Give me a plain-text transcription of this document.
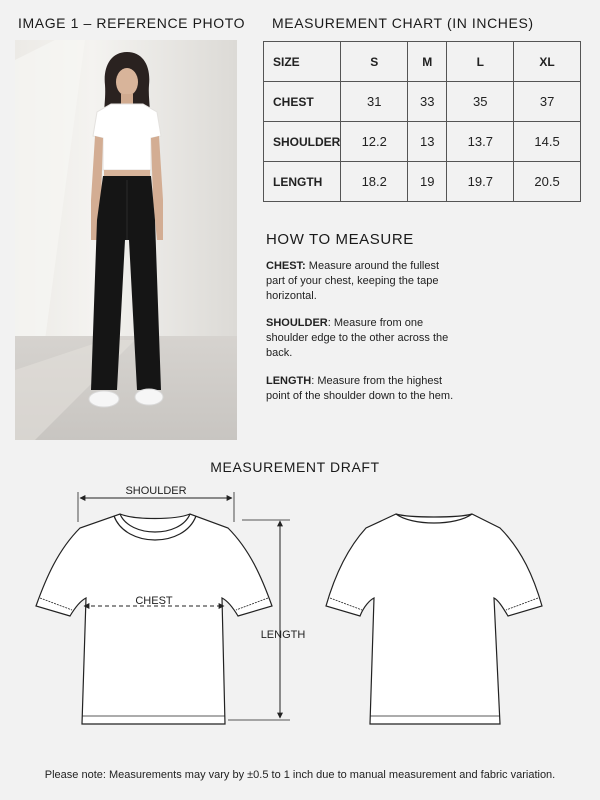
IMAGE 1 – REFERENCE PHOTO MEASUREMENT CHART (IN INCHES)
SIZE	S	M	L	XL
CHEST	31	33	35	37
SHOULDER	12.2	13	13.7	14.5
LENGTH	18.2	19	19.7	20.5
HOW TO MEASURE
CHEST: Measure around the fullest part of your chest, keeping the tape horizontal.
SHOULDER: Measure from one shoulder edge to the other across the back.
LENGTH: Measure from the highest point of the shoulder down to the hem.
MEASUREMENT DRAFT
SHOULDER
CHEST
LENGTH
Please note: Measurements may vary by ±0.5 to 1 inch due to manual measurement and fabric variation.
